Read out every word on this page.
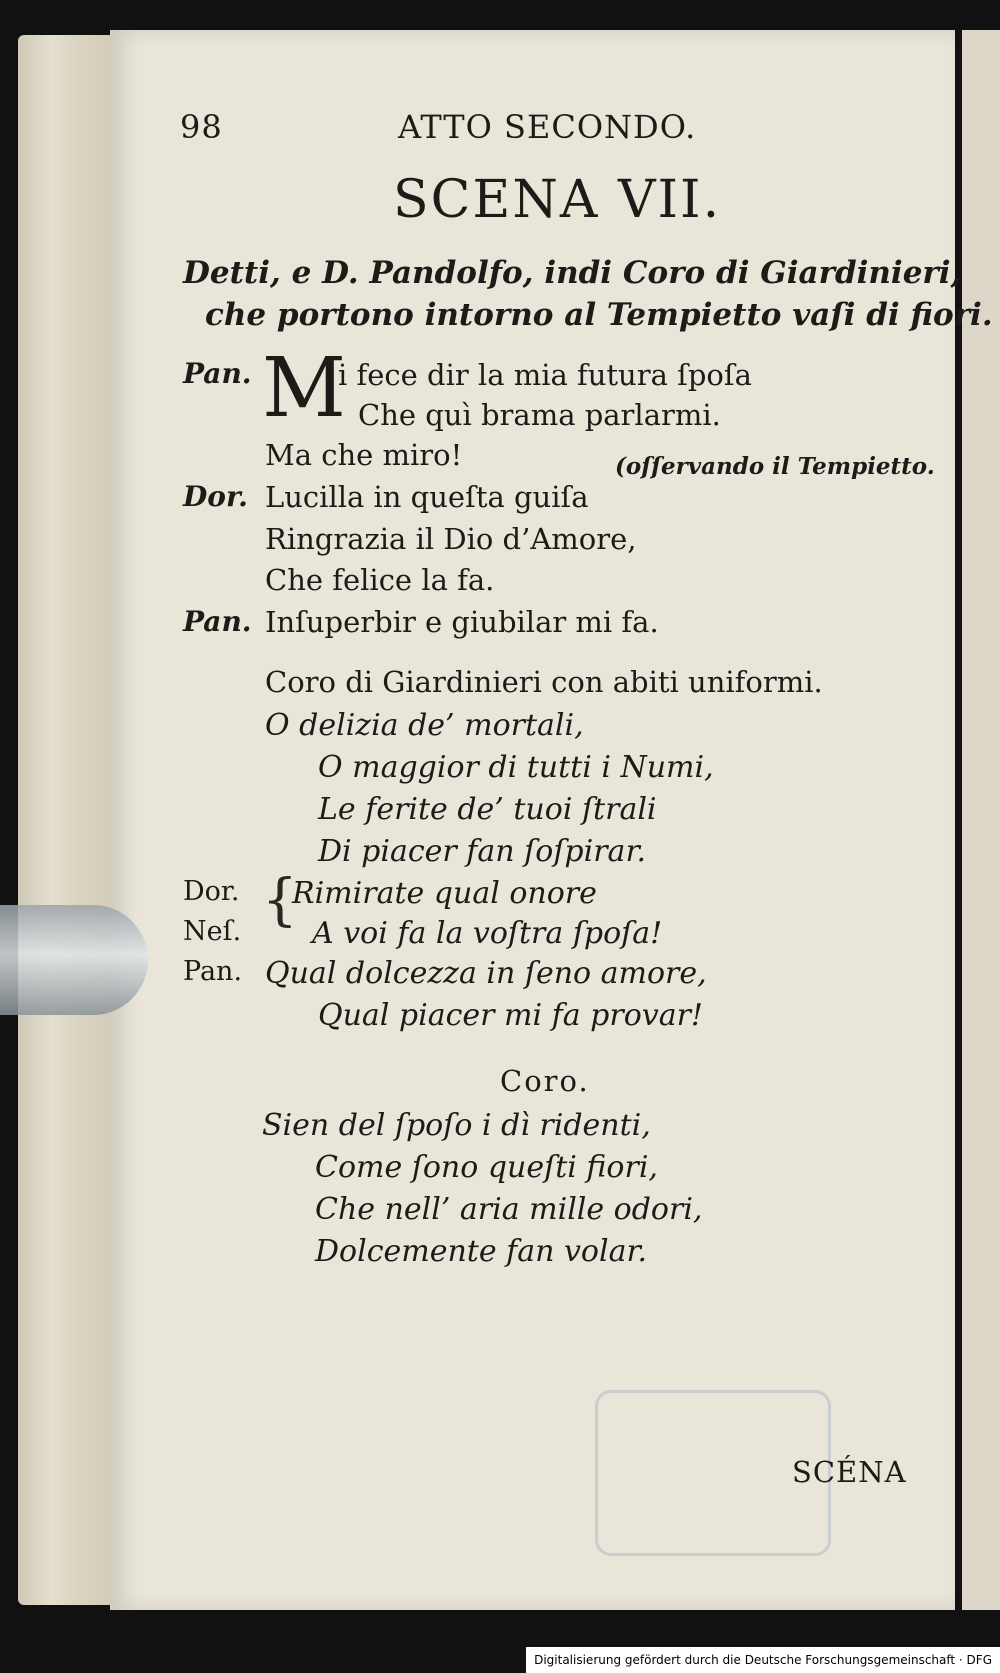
98	ATTO SECONDO.
SCENA VII.
Detti, e D. Pandolfo, indi Coro di Giardinieri,
che portono intorno al Tempietto vaſi di fiori.
Pan. M
i fece dir la mia futura ſpoſa
Che quì brama parlarmi.
Ma che miro!	(oſſervando il Tempietto.
Dor. Lucilla in queſta guiſa
Ringrazia il Dio d’Amore,
Che felice la fa.
Pan. Inſuperbir e giubilar mi fa.
Coro di Giardinieri con abiti uniformi.
O delizia de’ mortali,
O maggior di tutti i Numi,
Le ferite de’ tuoi ſtrali
Di piacer fan ſoſpirar.
Dor.
Neſ.
Pan.
{
Rimirate qual onore
A voi fa la voſtra ſpoſa!
Qual dolcezza in ſeno amore,
Qual piacer mi fa provar!
Coro.
Sien del ſpoſo i dì ridenti,
Come ſono queſti fiori,
Che nell’ aria mille odori,
Dolcemente fan volar.
SCÉNA
Digitalisierung gefördert durch die Deutsche Forschungsgemeinschaft · DFG
